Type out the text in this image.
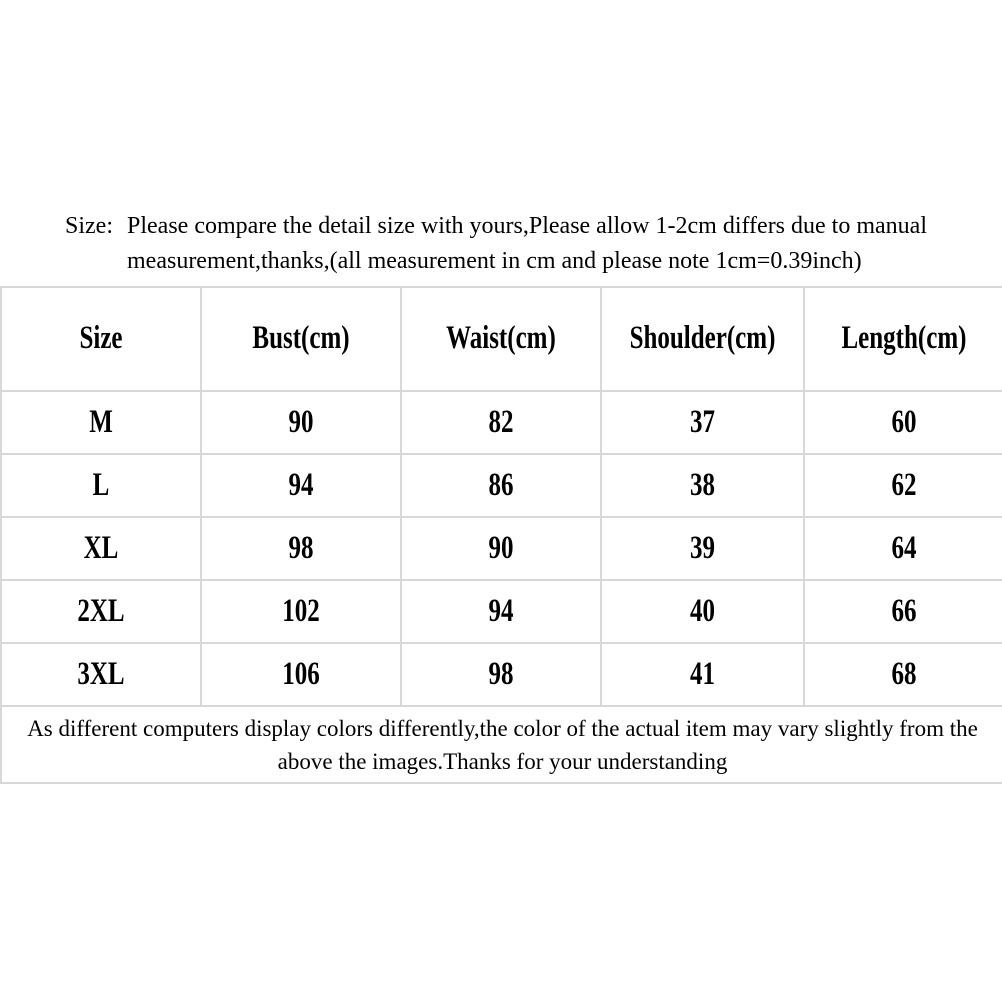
Size: Please compare the detail size with yours,Please allow 1-2cm differs due to manual
measurement,thanks,(all measurement in cm and please note 1cm=0.39inch)
Size	Bust(cm)	Waist(cm)	Shoulder(cm)	Length(cm)
M	90	82	37	60
L	94	86	38	62
XL	98	90	39	64
2XL	102	94	40	66
3XL	106	98	41	68

As different computers display colors differently,the color of the actual item may vary slightly from the
above the images.Thanks for your understanding				
